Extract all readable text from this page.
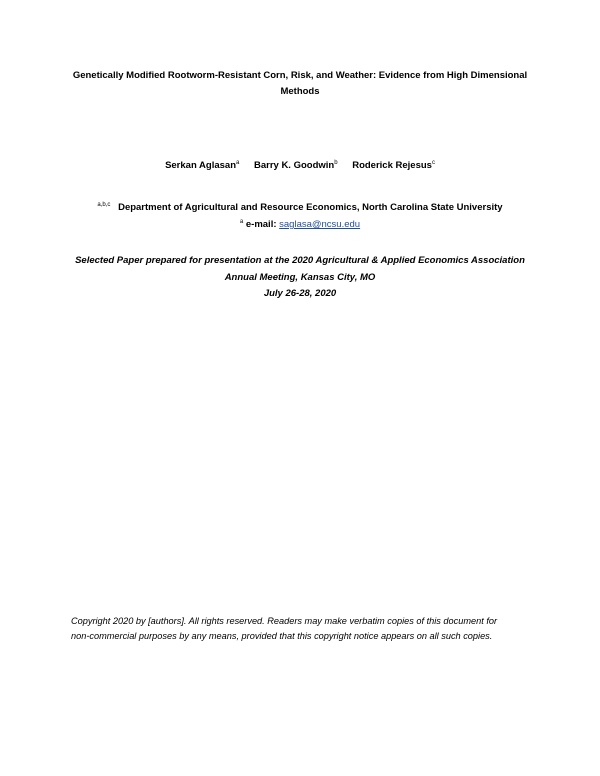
Genetically Modified Rootworm-Resistant Corn, Risk, and Weather: Evidence from High Dimensional
Methods
Serkan Aglasan$^a$ Barry K. Goodwin$^b$ Roderick Rejesus$^c$
$^{a,b,c}$ Department of Agricultural and Resource Economics, North Carolina State University
$^a$ e-mail: saglasa@ncsu.edu
Selected Paper prepared for presentation at the 2020 Agricultural & Applied Economics Association
Annual Meeting, Kansas City, MO
July 26-28, 2020
Copyright 2020 by [authors]. All rights reserved. Readers may make verbatim copies of this document for
non-commercial purposes by any means, provided that this copyright notice appears on all such copies.
